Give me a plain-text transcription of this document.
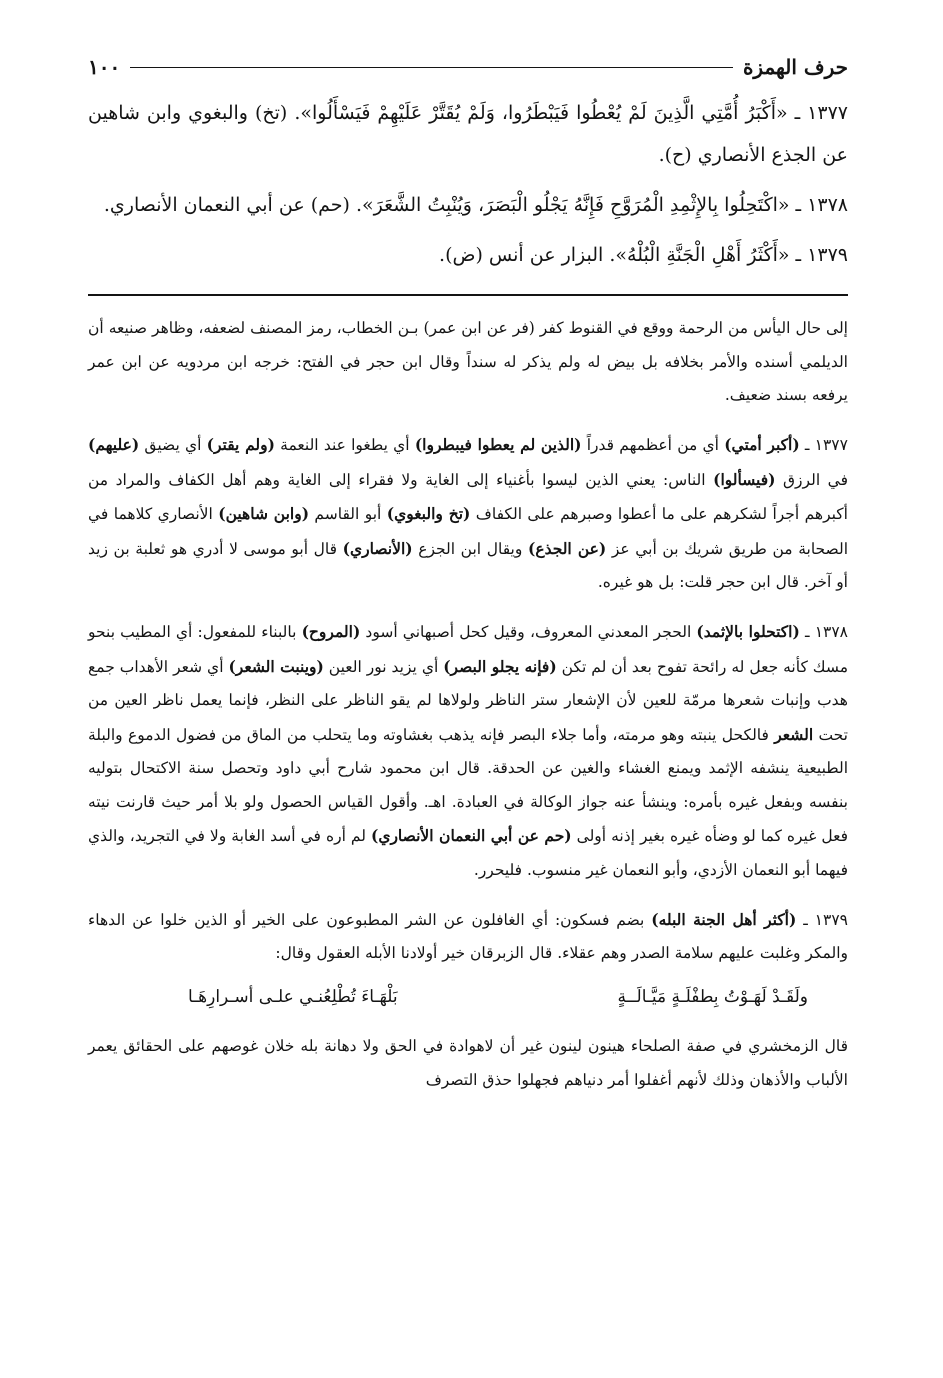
حرف الهمزة
١٠٠
١٣٧٧ ـ «أَكْبَرُ أُمَّتِي الَّذِينَ لَمْ يُعْطُوا فَيَبْطَرُوا، وَلَمْ يُقَتَّرْ عَلَيْهِمْ فَيَسْأَلُوا». (تخ) والبغوي وابن شاهين عن الجذع الأنصاري (ح).
١٣٧٨ ـ «اكْتَحِلُوا بِالإِثْمِدِ الْمُرَوَّحِ فَإِنَّهُ يَجْلُو الْبَصَرَ، وَيُنْبِتُ الشَّعَرَ». (حم) عن أبي النعمان الأنصاري.
١٣٧٩ ـ «أَكْثَرُ أَهْلِ الْجَنَّةِ الْبُلْهُ». البزار عن أنس (ض).

إلى حال اليأس من الرحمة ووقع في القنوط كفر (فر عن ابن عمر) بـن الخطاب، رمز المصنف لضعفه، وظاهر صنيعه أن الديلمي أسنده والأمر بخلافه بل بيض له ولم يذكر له سنداً وقال ابن حجر في الفتح: خرجه ابن مردويه عن ابن عمر يرفعه بسند ضعيف.

١٣٧٧ ـ (أكبر أمتي) أي من أعظمهم قدراً (الذين لم يعطوا فيبطروا) أي يطغوا عند النعمة (ولم يقتر) أي يضيق (عليهم) في الرزق (فيسألوا) الناس: يعني الذين ليسوا بأغنياء إلى الغاية ولا فقراء إلى الغاية وهم أهل الكفاف والمراد من أكبرهم أجراً لشكرهم على ما أعطوا وصبرهم على الكفاف (تخ والبغوي) أبو القاسم (وابن شاهين) الأنصاري كلاهما في الصحابة من طريق شريك بن أبي عز (عن الجذع) ويقال ابن الجزع (الأنصاري) قال أبو موسى لا أدري هو ثعلبة بن زيد أو آخر. قال ابن حجر قلت: بل هو غيره.

١٣٧٨ ـ (اكتحلوا بالإثمد) الحجر المعدني المعروف، وقيل كحل أصبهاني أسود (المروح) بالبناء للمفعول: أي المطيب بنحو مسك كأنه جعل له رائحة تفوح بعد أن لم تكن (فإنه يجلو البصر) أي يزيد نور العين (وينبت الشعر) أي شعر الأهداب جمع هدب وإنبات شعرها مرمّة للعين لأن الإشعار ستر الناظر ولولاها لم يقو الناظر على النظر، فإنما يعمل ناظر العين من تحت الشعر فالكحل ينبته وهو مرمته، وأما جلاء البصر فإنه يذهب بغشاوته وما يتحلب من الماق من فضول الدموع والبلة الطبيعية ينشفه الإثمد ويمنع الغشاء والغين عن الحدقة. قال ابن محمود شارح أبي داود وتحصل سنة الاكتحال بتوليه بنفسه وبفعل غيره بأمره: وينشأ عنه جواز الوكالة في العبادة. اهـ. وأقول القياس الحصول ولو بلا أمر حيث قارنت نيته فعل غيره كما لو وضأه غيره بغير إذنه أولى (حم عن أبي النعمان الأنصاري) لم أره في أسد الغابة ولا في التجريد، والذي فيهما أبو النعمان الأزدي، وأبو النعمان غير منسوب. فليحرر.

١٣٧٩ ـ (أكثر أهل الجنة البله) بضم فسكون: أي الغافلون عن الشر المطبوعون على الخير أو الذين خلوا عن الدهاء والمكر وغلبت عليهم سلامة الصدر وهم عقلاء. قال الزبرقان خير أولادنا الأبله العقول وقال:

ولَقَـدْ لَهَـوْتُ بِطفْلَـةٍ مَيَّـالَــةٍ
بَلْهَـاءَ تُطْلِعُنـي علـى أسـرارِهَـا

قال الزمخشري في صفة الصلحاء هينون لينون غير أن لاهوادة في الحق ولا دهانة بله خلان غوصهم على الحقائق يعمر الألباب والأذهان وذلك لأنهم أغفلوا أمر دنياهم فجهلوا حذق التصرف
